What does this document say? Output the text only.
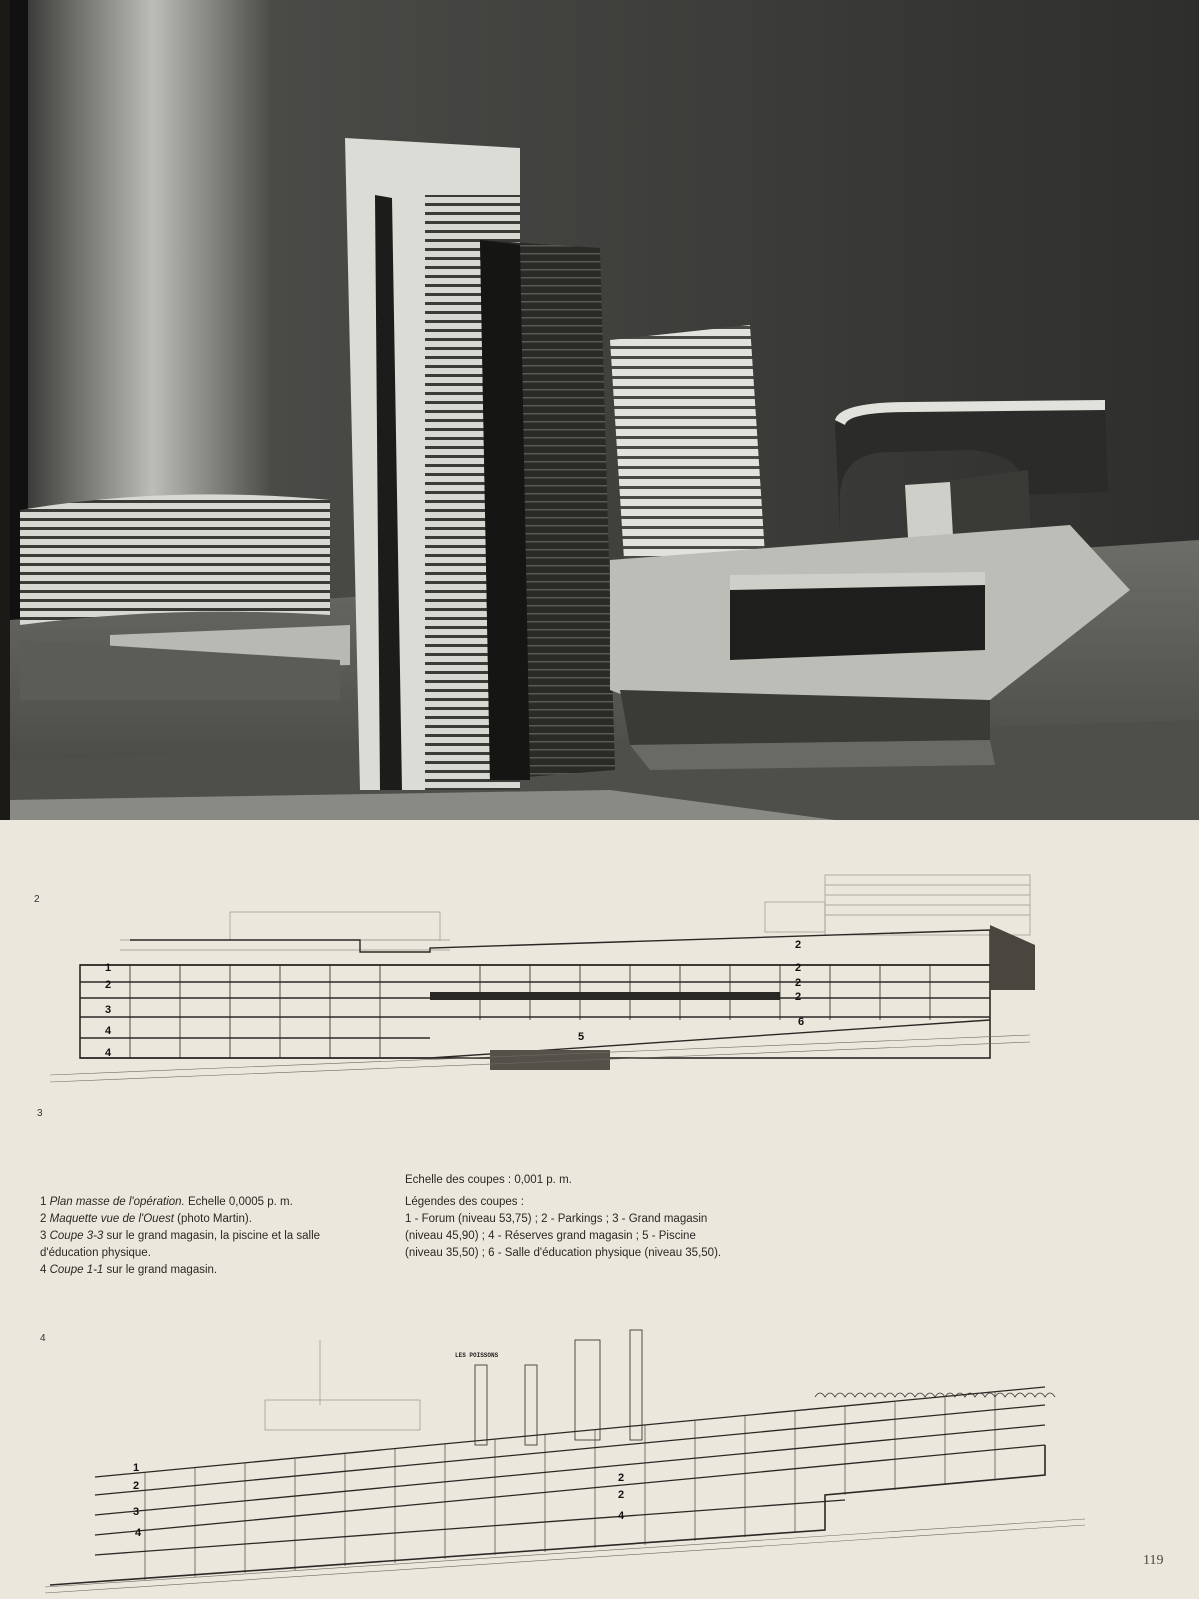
2
3
4
1
2
3
4
4
2
2
2
2
5
6
1 Plan masse de l'opération. Echelle 0,0005 p. m.
2 Maquette vue de l'Ouest (photo Martin).
3 Coupe 3-3 sur le grand magasin, la piscine et la salle
d'éducation physique.
4 Coupe 1-1 sur le grand magasin.
Echelle des coupes : 0,001 p. m.
Légendes des coupes :
1 - Forum (niveau 53,75) ; 2 - Parkings ; 3 - Grand magasin
(niveau 45,90) ; 4 - Réserves grand magasin ; 5 - Piscine
(niveau 35,50) ; 6 - Salle d'éducation physique (niveau 35,50).
LES POISSONS
1
2
3
4
2
2
4
119
